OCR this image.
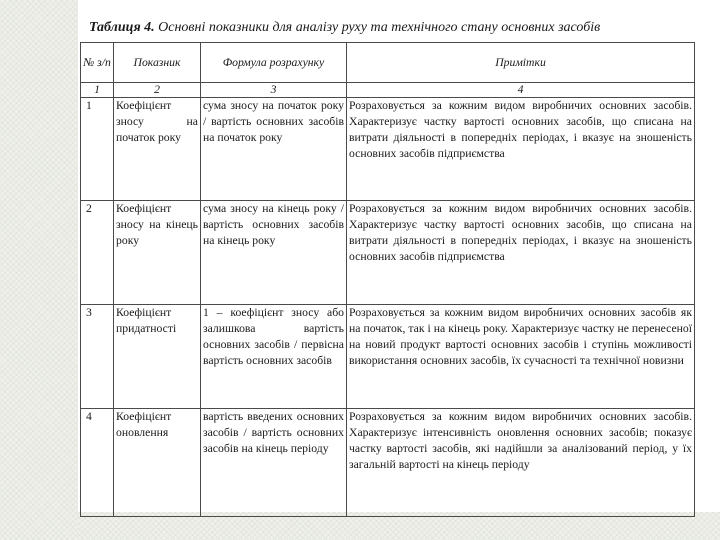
Таблиця 4. Основні показники для аналізу руху та технічного стану основних засобів
№ з/п	Показник	Формула розрахунку	Примітки
1	2	3	4
1	Коефіцієнт зносу на початок року	сума зносу на початок року / вартість основних засобів на початок року	Розраховується за кожним видом виробничих основних засобів. Характеризує частку вартості основних засобів, що списана на витрати діяльності в попередніх періодах, і вказує на зношеність основних засобів підприємства
2	Коефіцієнт зносу на кінець року	сума зносу на кінець року / вартість основних засобів на кінець року	Розраховується за кожним видом виробничих основних засобів. Характеризує частку вартості основних засобів, що списана на витрати діяльності в попередніх періодах, і вказує на зношеність основних засобів підприємства
3	Коефіцієнт придатності	1 – коефіцієнт зносу або залишкова вартість основних засобів / первісна вартість основних засобів	Розраховується за кожним видом виробничих основних засобів як на початок, так і на кінець року. Характеризує частку не перенесеної на новий продукт вартості основних засобів і ступінь можливості використання основних засобів, їх сучасності та технічної новизни
4	Коефіцієнт оновлення	вартість введених основних засобів / вартість основних засобів на кінець періоду	Розраховується за кожним видом виробничих основних засобів. Характеризує інтенсивність оновлення основних засобів; показує частку вартості засобів, які надійшли за аналізований період, у їх загальній вартості на кінець періоду
